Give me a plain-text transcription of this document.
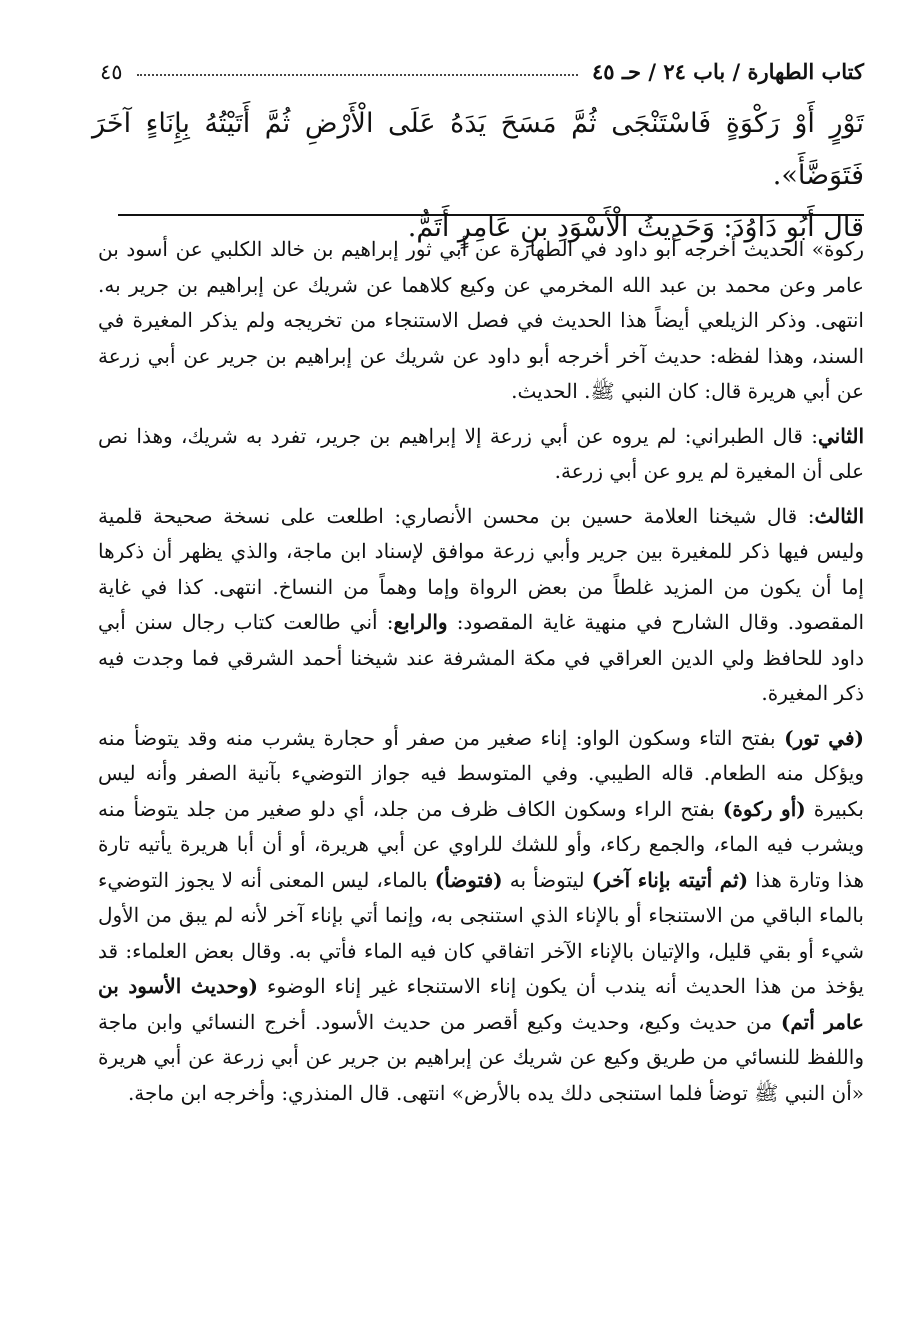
كتاب الطهارة / باب ٢٤ / حـ ٤٥
٤٥

تَوْرٍ أَوْ رَكْوَةٍ فَاسْتَنْجَى ثُمَّ مَسَحَ يَدَهُ عَلَى الْأَرْضِ ثُمَّ أَتَيْتُهُ بِإِنَاءٍ آخَرَ فَتَوَضَّأَ».

قال أَبُو دَاوُدَ: وَحَدِيثُ الْأَسْوَدِ بنِ عَامِرٍ أَتَمُّ.

ركوة» الحديث أخرجه أبو داود في الطهارة عن أبي ثور إبراهيم بن خالد الكلبي عن أسود بن عامر وعن محمد بن عبد الله المخرمي عن وكيع كلاهما عن شريك عن إبراهيم بن جرير به. انتهى. وذكر الزيلعي أيضاً هذا الحديث في فصل الاستنجاء من تخريجه ولم يذكر المغيرة في السند، وهذا لفظه: حديث آخر أخرجه أبو داود عن شريك عن إبراهيم بن جرير عن أبي زرعة عن أبي هريرة قال: كان النبي ﷺ. الحديث.

الثاني: قال الطبراني: لم يروه عن أبي زرعة إلا إبراهيم بن جرير، تفرد به شريك، وهذا نص على أن المغيرة لم يرو عن أبي زرعة.

الثالث: قال شيخنا العلامة حسين بن محسن الأنصاري: اطلعت على نسخة صحيحة قلمية وليس فيها ذكر للمغيرة بين جرير وأبي زرعة موافق لإسناد ابن ماجة، والذي يظهر أن ذكرها إما أن يكون من المزيد غلطاً من بعض الرواة وإما وهماً من النساخ. انتهى. كذا في غاية المقصود. وقال الشارح في منهية غاية المقصود: والرابع: أني طالعت كتاب رجال سنن أبي داود للحافظ ولي الدين العراقي في مكة المشرفة عند شيخنا أحمد الشرقي فما وجدت فيه ذكر المغيرة.

(في تور) بفتح التاء وسكون الواو: إناء صغير من صفر أو حجارة يشرب منه وقد يتوضأ منه ويؤكل منه الطعام. قاله الطيبي. وفي المتوسط فيه جواز التوضيء بآنية الصفر وأنه ليس بكبيرة (أو ركوة) بفتح الراء وسكون الكاف ظرف من جلد، أي دلو صغير من جلد يتوضأ منه ويشرب فيه الماء، والجمع ركاء، وأو للشك للراوي عن أبي هريرة، أو أن أبا هريرة يأتيه تارة هذا وتارة هذا (ثم أتيته بإناء آخر) ليتوضأ به (فتوضأ) بالماء، ليس المعنى أنه لا يجوز التوضيء بالماء الباقي من الاستنجاء أو بالإناء الذي استنجى به، وإنما أتي بإناء آخر لأنه لم يبق من الأول شيء أو بقي قليل، والإتيان بالإناء الآخر اتفاقي كان فيه الماء فأتي به. وقال بعض العلماء: قد يؤخذ من هذا الحديث أنه يندب أن يكون إناء الاستنجاء غير إناء الوضوء (وحديث الأسود بن عامر أتم) من حديث وكيع، وحديث وكيع أقصر من حديث الأسود. أخرج النسائي وابن ماجة واللفظ للنسائي من طريق وكيع عن شريك عن إبراهيم بن جرير عن أبي زرعة عن أبي هريرة «أن النبي ﷺ توضأ فلما استنجى دلك يده بالأرض» انتهى. قال المنذري: وأخرجه ابن ماجة.
